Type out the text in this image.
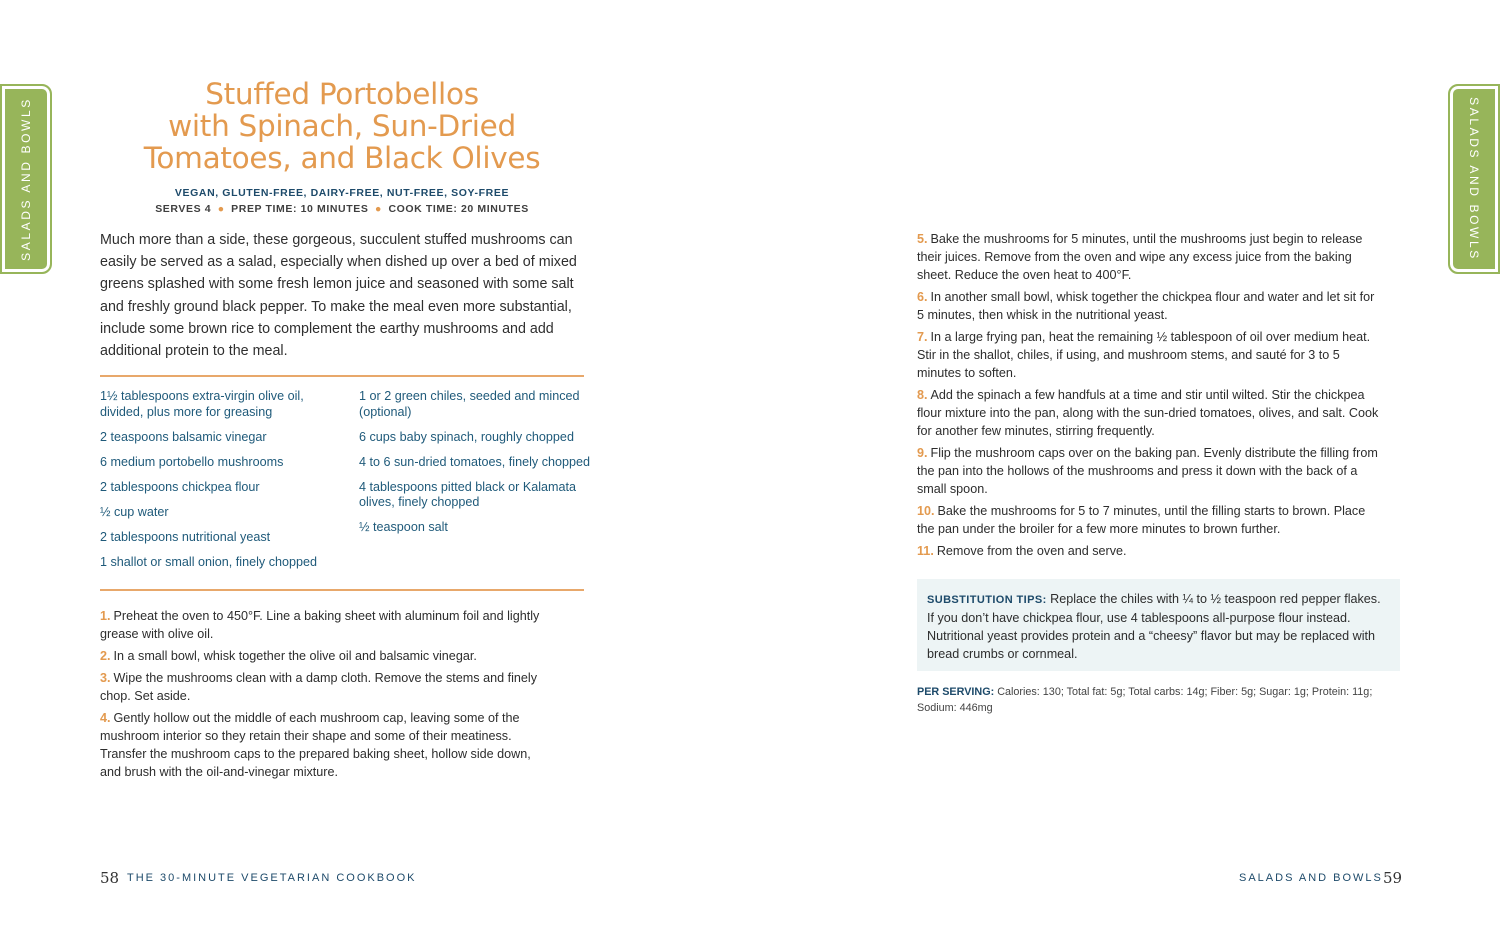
SALADS AND BOWLS	SALADS AND BOWLS
Stuffed Portobellos
with Spinach, Sun-Dried
Tomatoes, and Black Olives
VEGAN, GLUTEN-FREE, DAIRY-FREE, NUT-FREE, SOY-FREE
SERVES 4 ● PREP TIME: 10 MINUTES ● COOK TIME: 20 MINUTES

Much more than a side, these gorgeous, succulent stuffed mushrooms can easily be served as a salad, especially when dished up over a bed of mixed greens splashed with some fresh lemon juice and seasoned with some salt and freshly ground black pepper. To make the meal even more substantial, include some brown rice to complement the earthy mushrooms and add additional protein to the meal.

1½ tablespoons extra-virgin olive oil, divided, plus more for greasing
2 teaspoons balsamic vinegar
6 medium portobello mushrooms
2 tablespoons chickpea flour
½ cup water
2 tablespoons nutritional yeast
1 shallot or small onion, finely chopped
1 or 2 green chiles, seeded and minced (optional)
6 cups baby spinach, roughly chopped
4 to 6 sun-dried tomatoes, finely chopped
4 tablespoons pitted black or Kalamata olives, finely chopped
½ teaspoon salt
1. Preheat the oven to 450°F. Line a baking sheet with aluminum foil and lightly grease with olive oil.
2. In a small bowl, whisk together the olive oil and balsamic vinegar.
3. Wipe the mushrooms clean with a damp cloth. Remove the stems and finely chop. Set aside.
4. Gently hollow out the middle of each mushroom cap, leaving some of the mushroom interior so they retain their shape and some of their meatiness. Transfer the mushroom caps to the prepared baking sheet, hollow side down, and brush with the oil-and-vinegar mixture.
5. Bake the mushrooms for 5 minutes, until the mushrooms just begin to release their juices. Remove from the oven and wipe any excess juice from the baking sheet. Reduce the oven heat to 400°F.
6. In another small bowl, whisk together the chickpea flour and water and let sit for 5 minutes, then whisk in the nutritional yeast.
7. In a large frying pan, heat the remaining ½ tablespoon of oil over medium heat. Stir in the shallot, chiles, if using, and mushroom stems, and sauté for 3 to 5 minutes to soften.
8. Add the spinach a few handfuls at a time and stir until wilted. Stir the chickpea flour mixture into the pan, along with the sun-dried tomatoes, olives, and salt. Cook for another few minutes, stirring frequently.
9. Flip the mushroom caps over on the baking pan. Evenly distribute the filling from the pan into the hollows of the mushrooms and press it down with the back of a small spoon.
10. Bake the mushrooms for 5 to 7 minutes, until the filling starts to brown. Place the pan under the broiler for a few more minutes to brown further.
11. Remove from the oven and serve.
SUBSTITUTION TIPS: Replace the chiles with ¼ to ½ teaspoon red pepper flakes. If you don’t have chickpea flour, use 4 tablespoons all-purpose flour instead. Nutritional yeast provides protein and a “cheesy” flavor but may be replaced with bread crumbs or cornmeal.
PER SERVING: Calories: 130; Total fat: 5g; Total carbs: 14g; Fiber: 5g; Sugar: 1g; Protein: 11g; Sodium: 446mg
58 THE 30-MINUTE VEGETARIAN COOKBOOK	SALADS AND BOWLS 59
